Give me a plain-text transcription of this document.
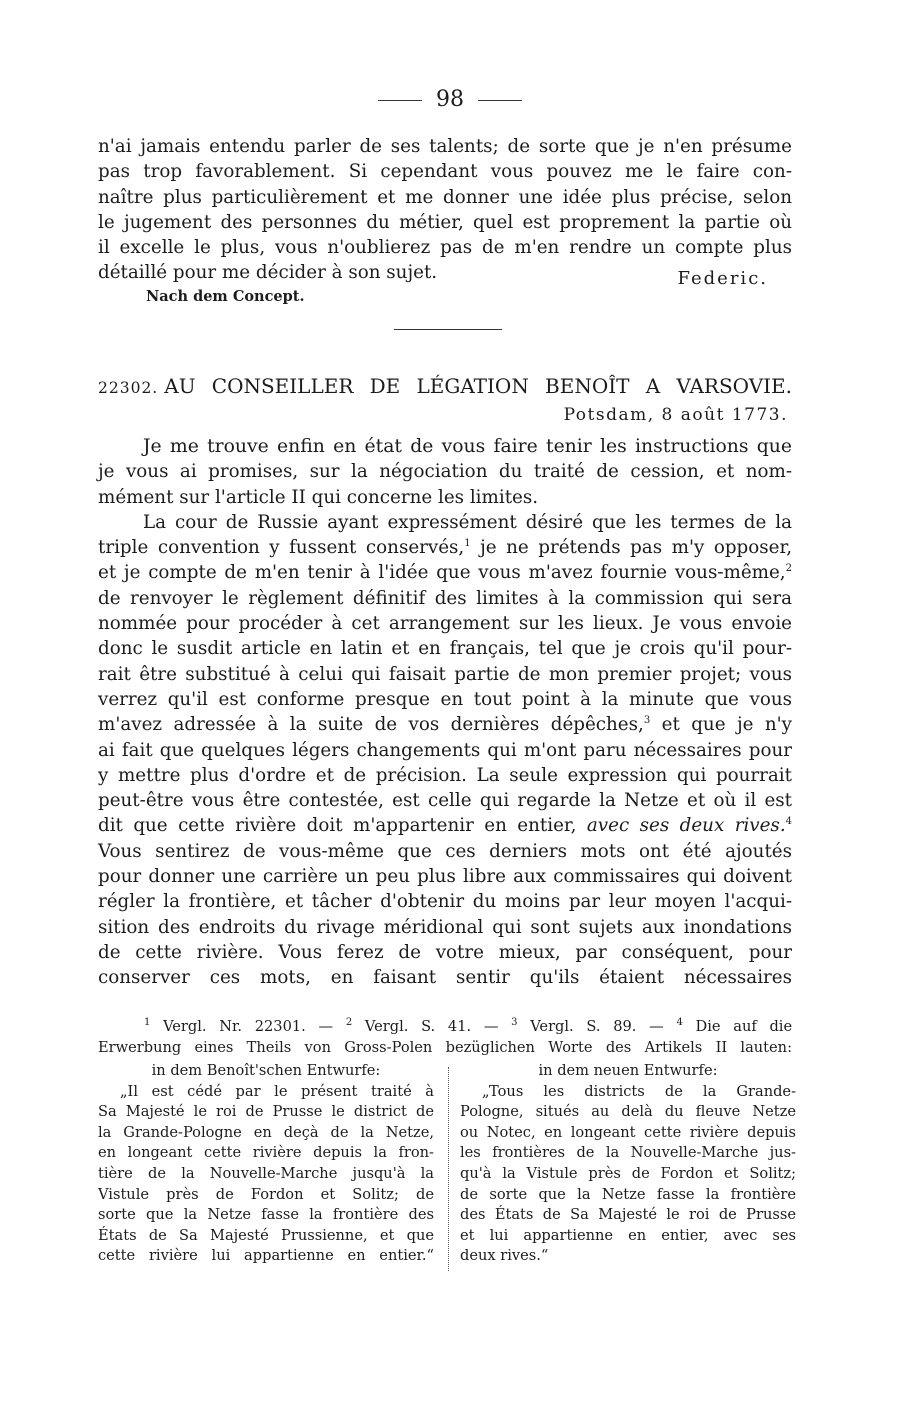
98
n'ai jamais entendu parler de ses talents; de sorte que je n'en présume
pas trop favorablement. Si cependant vous pouvez me le faire con-
naître plus particulièrement et me donner une idée plus précise, selon
le jugement des personnes du métier, quel est proprement la partie où
il excelle le plus, vous n'oublierez pas de m'en rendre un compte plus
détaillé pour me décider à son sujet.	Federic.
Nach dem Concept.
22302. AU CONSEILLER DE LÉGATION BENOÎT A VARSOVIE.
Potsdam, 8 août 1773.
Je me trouve enfin en état de vous faire tenir les instructions que
je vous ai promises, sur la négociation du traité de cession, et nom-
mément sur l'article II qui concerne les limites.
La cour de Russie ayant expressément désiré que les termes de la
triple convention y fussent conservés,$^1$ je ne prétends pas m'y opposer,
et je compte de m'en tenir à l'idée que vous m'avez fournie vous-même,$^2$
de renvoyer le règlement définitif des limites à la commission qui sera
nommée pour procéder à cet arrangement sur les lieux. Je vous envoie
donc le susdit article en latin et en français, tel que je crois qu'il pour-
rait être substitué à celui qui faisait partie de mon premier projet; vous
verrez qu'il est conforme presque en tout point à la minute que vous
m'avez adressée à la suite de vos dernières dépêches,$^3$ et que je n'y
ai fait que quelques légers changements qui m'ont paru nécessaires pour
y mettre plus d'ordre et de précision. La seule expression qui pourrait
peut-être vous être contestée, est celle qui regarde la Netze et où il est
dit que cette rivière doit m'appartenir en entier, avec ses deux rives.$^4$
Vous sentirez de vous-même que ces derniers mots ont été ajoutés
pour donner une carrière un peu plus libre aux commissaires qui doivent
régler la frontière, et tâcher d'obtenir du moins par leur moyen l'acqui-
sition des endroits du rivage méridional qui sont sujets aux inondations
de cette rivière. Vous ferez de votre mieux, par conséquent, pour
conserver ces mots, en faisant sentir qu'ils étaient nécessaires
$^1$ Vergl. Nr. 22301. — $^2$ Vergl. S. 41. — $^3$ Vergl. S. 89. — $^4$ Die auf die
Erwerbung eines Theils von Gross-Polen bezüglichen Worte des Artikels II lauten:
in dem Benoît'schen Entwurfe:
„Il est cédé par le présent traité à
Sa Majesté le roi de Prusse le district de
la Grande-Pologne en deçà de la Netze,
en longeant cette rivière depuis la fron-
tière de la Nouvelle-Marche jusqu'à la
Vistule près de Fordon et Solitz; de
sorte que la Netze fasse la frontière des
États de Sa Majesté Prussienne, et que
cette rivière lui appartienne en entier.“
in dem neuen Entwurfe:
„Tous les districts de la Grande-
Pologne, situés au delà du fleuve Netze
ou Notec, en longeant cette rivière depuis
les frontières de la Nouvelle-Marche jus-
qu'à la Vistule près de Fordon et Solitz;
de sorte que la Netze fasse la frontière
des États de Sa Majesté le roi de Prusse
et lui appartienne en entier, avec ses
deux rives.“
